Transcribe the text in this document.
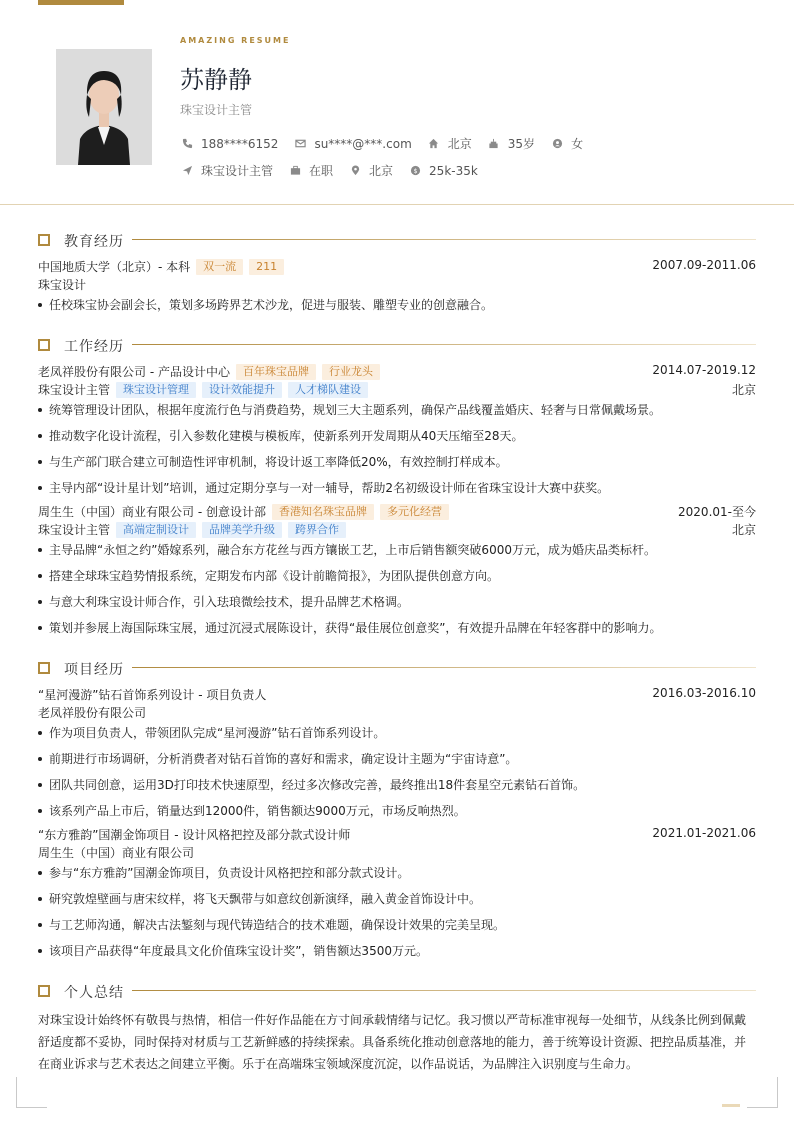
AMAZING RESUME
苏静静
珠宝设计主管
188****6152	su****@***.com	北京	35岁	女
珠宝设计主管	在职	北京	$ 25k-35k
教育经历
中国地质大学（北京）- 本科	双一流	211	2007.09-2011.06
珠宝设计
任校珠宝协会副会长，策划多场跨界艺术沙龙，促进与服装、雕塑专业的创意融合。
工作经历
老凤祥股份有限公司 - 产品设计中心	百年珠宝品牌	行业龙头	2014.07-2019.12
珠宝设计主管	珠宝设计管理	设计效能提升	人才梯队建设	北京
统筹管理设计团队，根据年度流行色与消费趋势，规划三大主题系列，确保产品线覆盖婚庆、轻奢与日常佩戴场景。
推动数字化设计流程，引入参数化建模与模板库，使新系列开发周期从40天压缩至28天。
与生产部门联合建立可制造性评审机制，将设计返工率降低20%，有效控制打样成本。
主导内部“设计星计划”培训，通过定期分享与一对一辅导，帮助2名初级设计师在省珠宝设计大赛中获奖。
周生生（中国）商业有限公司 - 创意设计部	香港知名珠宝品牌	多元化经营	2020.01-至今
珠宝设计主管	高端定制设计	品牌美学升级	跨界合作	北京
主导品牌“永恒之约”婚嫁系列，融合东方花丝与西方镶嵌工艺，上市后销售额突破6000万元，成为婚庆品类标杆。
搭建全球珠宝趋势情报系统，定期发布内部《设计前瞻简报》，为团队提供创意方向。
与意大利珠宝设计师合作，引入珐琅微绘技术，提升品牌艺术格调。
策划并参展上海国际珠宝展，通过沉浸式展陈设计，获得“最佳展位创意奖”，有效提升品牌在年轻客群中的影响力。
项目经历
“星河漫游”钻石首饰系列设计 - 项目负责人	2016.03-2016.10
老凤祥股份有限公司
作为项目负责人，带领团队完成“星河漫游”钻石首饰系列设计。
前期进行市场调研，分析消费者对钻石首饰的喜好和需求，确定设计主题为“宇宙诗意”。
团队共同创意，运用3D打印技术快速原型，经过多次修改完善，最终推出18件套星空元素钻石首饰。
该系列产品上市后，销量达到12000件，销售额达9000万元，市场反响热烈。
“东方雅韵”国潮金饰项目 - 设计风格把控及部分款式设计师	2021.01-2021.06
周生生（中国）商业有限公司
参与“东方雅韵”国潮金饰项目，负责设计风格把控和部分款式设计。
研究敦煌壁画与唐宋纹样，将飞天飘带与如意纹创新演绎，融入黄金首饰设计中。
与工艺师沟通，解决古法錾刻与现代铸造结合的技术难题，确保设计效果的完美呈现。
该项目产品获得“年度最具文化价值珠宝设计奖”，销售额达3500万元。
个人总结
对珠宝设计始终怀有敬畏与热情，相信一件好作品能在方寸间承载情绪与记忆。我习惯以严苛标准审视每一处细节，从线条比例到佩戴舒适度都不妥协，同时保持对材质与工艺新鲜感的持续探索。具备系统化推动创意落地的能力，善于统筹设计资源、把控品质基准，并在商业诉求与艺术表达之间建立平衡。乐于在高端珠宝领域深度沉淀，以作品说话，为品牌注入识别度与生命力。
